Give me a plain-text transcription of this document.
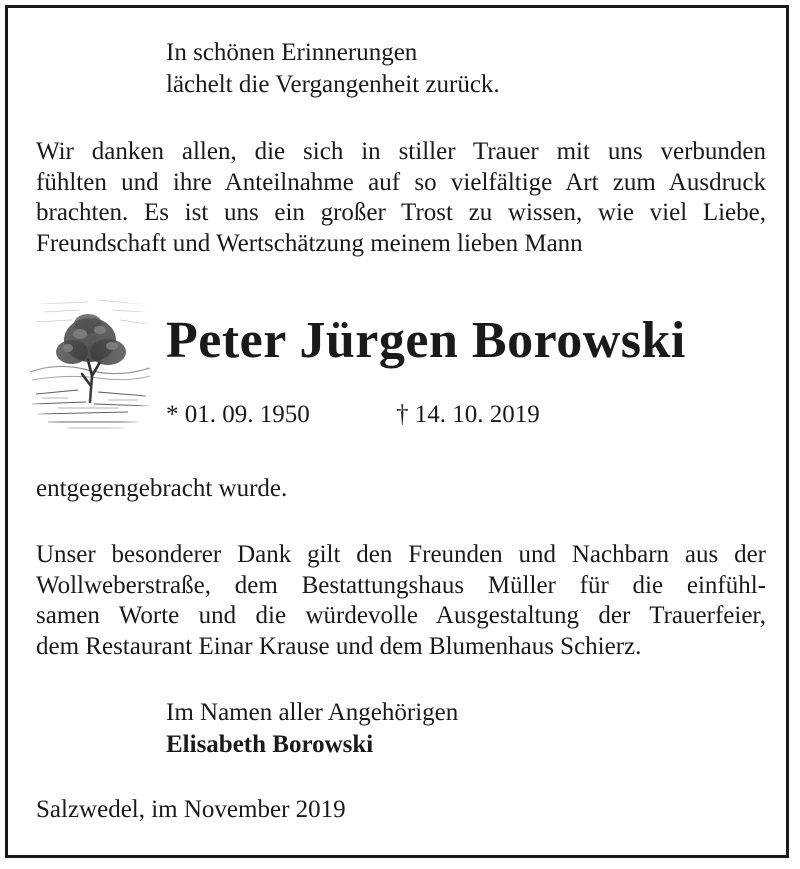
In schönen Erinnerungen

lächelt die Vergangenheit zurück.

Wir danken allen, die sich in stiller Trauer mit uns verbunden
fühlten und ihre Anteilnahme auf so vielfältige Art zum Ausdruck
brachten. Es ist uns ein großer Trost zu wissen, wie viel Liebe,
Freundschaft und Wertschätzung meinem lieben Mann
Peter Jürgen Borowski

* 01. 09. 1950	† 14. 10. 2019

entgegengebracht wurde.

Unser besonderer Dank gilt den Freunden und Nachbarn aus der
Wollweberstraße, dem Bestattungshaus Müller für die einfühl-
samen Worte und die würdevolle Ausgestaltung der Trauerfeier,
dem Restaurant Einar Krause und dem Blumenhaus Schierz.

Im Namen aller Angehörigen

Elisabeth Borowski

Salzwedel, im November 2019
